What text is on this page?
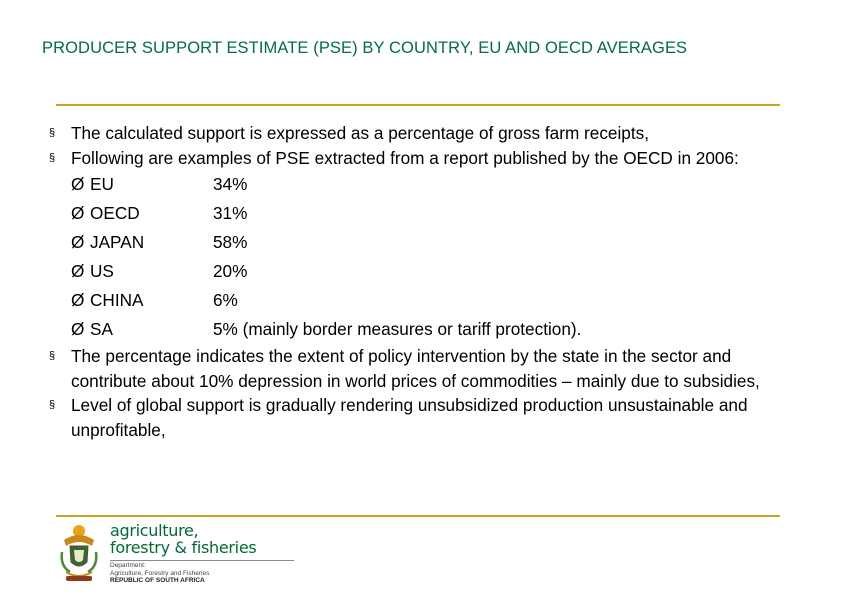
PRODUCER SUPPORT ESTIMATE (PSE) BY COUNTRY, EU AND OECD AVERAGES
§ The calculated support is expressed as a percentage of gross farm receipts,
§ Following are examples of PSE extracted from a report published by the OECD in 2006:
Ø EU	34%
Ø OECD	31%
Ø JAPAN	58%
Ø US	20%
Ø CHINA	6%
Ø SA	5% (mainly border measures or tariff protection).
§ The percentage indicates the extent of policy intervention by the state in the sector and contribute about 10% depression in world prices of commodities – mainly due to subsidies,
§ Level of global support is gradually rendering unsubsidized production unsustainable and unprofitable,
agriculture,
forestry & fisheries
Department:
Agriculture, Forestry and Fisheries
REPUBLIC OF SOUTH AFRICA
